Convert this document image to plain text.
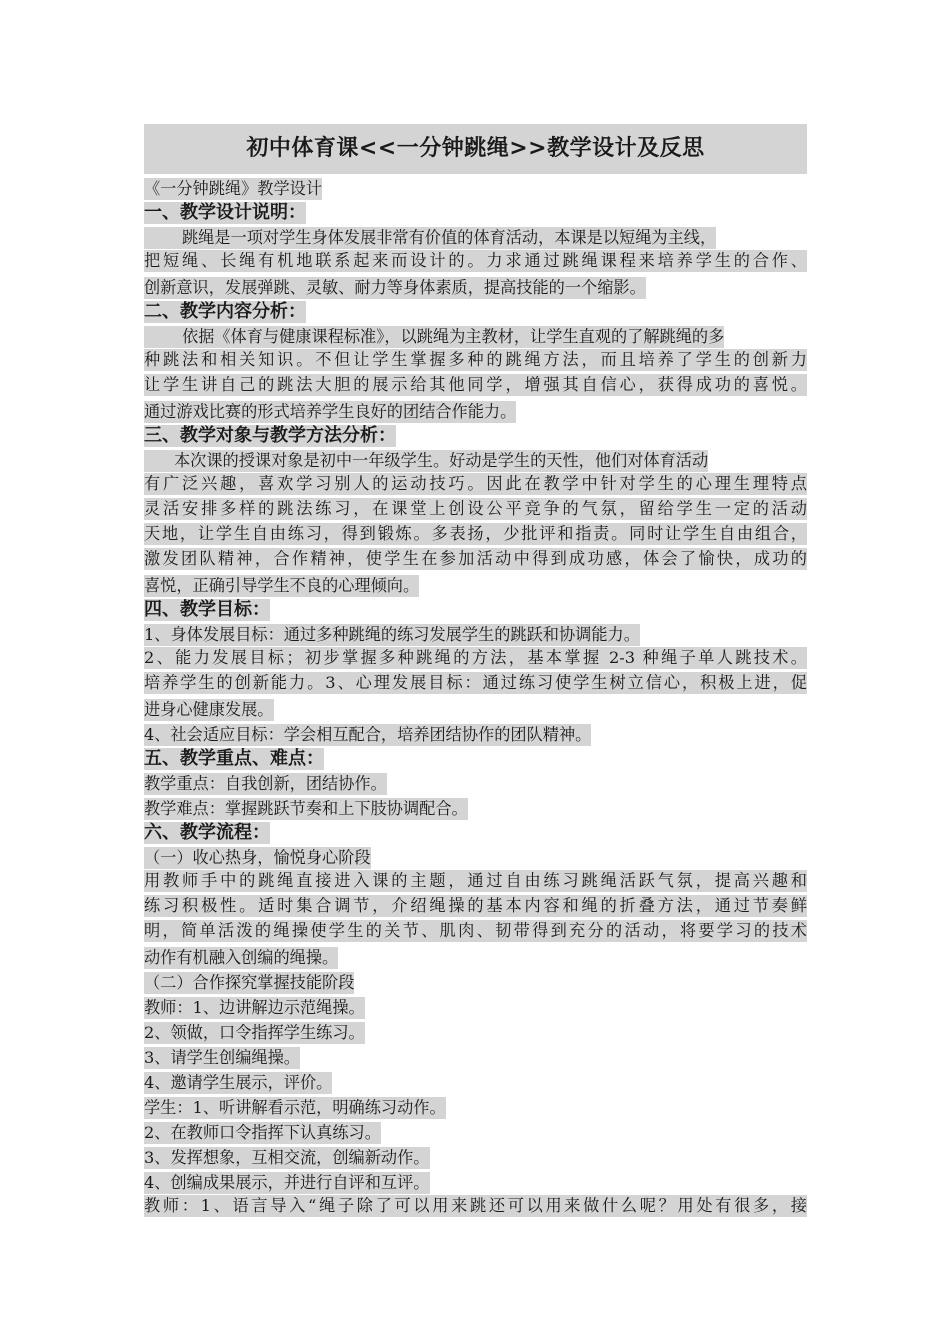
初中体育课<<一分钟跳绳>>教学设计及反思
《一分钟跳绳》教学设计
一、教学设计说明：
跳绳是一项对学生身体发展非常有价值的体育活动，本课是以短绳为主线，
把短绳、长绳有机地联系起来而设计的。力求通过跳绳课程来培养学生的合作、
创新意识，发展弹跳、灵敏、耐力等身体素质，提高技能的一个缩影。
二、教学内容分析：
依据《体育与健康课程标准》，以跳绳为主教材，让学生直观的了解跳绳的多
种跳法和相关知识。不但让学生掌握多种的跳绳方法，而且培养了学生的创新力
让学生讲自己的跳法大胆的展示给其他同学，增强其自信心，获得成功的喜悦。
通过游戏比赛的形式培养学生良好的团结合作能力。
三、教学对象与教学方法分析：
本次课的授课对象是初中一年级学生。好动是学生的天性，他们对体育活动
有广泛兴趣，喜欢学习别人的运动技巧。因此在教学中针对学生的心理生理特点
灵活安排多样的跳法练习，在课堂上创设公平竞争的气氛，留给学生一定的活动
天地，让学生自由练习，得到锻炼。多表扬，少批评和指责。同时让学生自由组合，
激发团队精神，合作精神，使学生在参加活动中得到成功感，体会了愉快，成功的
喜悦，正确引导学生不良的心理倾向。
四、教学目标：
1、身体发展目标：通过多种跳绳的练习发展学生的跳跃和协调能力。
2、能力发展目标；初步掌握多种跳绳的方法，基本掌握 2-3 种绳子单人跳技术。
培养学生的创新能力。3、心理发展目标：通过练习使学生树立信心，积极上进，促
进身心健康发展。
4、社会适应目标：学会相互配合，培养团结协作的团队精神。
五、教学重点、难点：
教学重点：自我创新，团结协作。
教学难点：掌握跳跃节奏和上下肢协调配合。
六、教学流程：
（一）收心热身，愉悦身心阶段
用教师手中的跳绳直接进入课的主题，通过自由练习跳绳活跃气氛，提高兴趣和
练习积极性。适时集合调节，介绍绳操的基本内容和绳的折叠方法，通过节奏鲜
明，简单活泼的绳操使学生的关节、肌肉、韧带得到充分的活动，将要学习的技术
动作有机融入创编的绳操。
（二）合作探究掌握技能阶段
教师：1、边讲解边示范绳操。
2、领做，口令指挥学生练习。
3、请学生创编绳操。
4、邀请学生展示，评价。
学生：1、听讲解看示范，明确练习动作。
2、在教师口令指挥下认真练习。
3、发挥想象，互相交流，创编新动作。
4、创编成果展示，并进行自评和互评。
教师：1、语言导入“绳子除了可以用来跳还可以用来做什么呢？用处有很多，接
